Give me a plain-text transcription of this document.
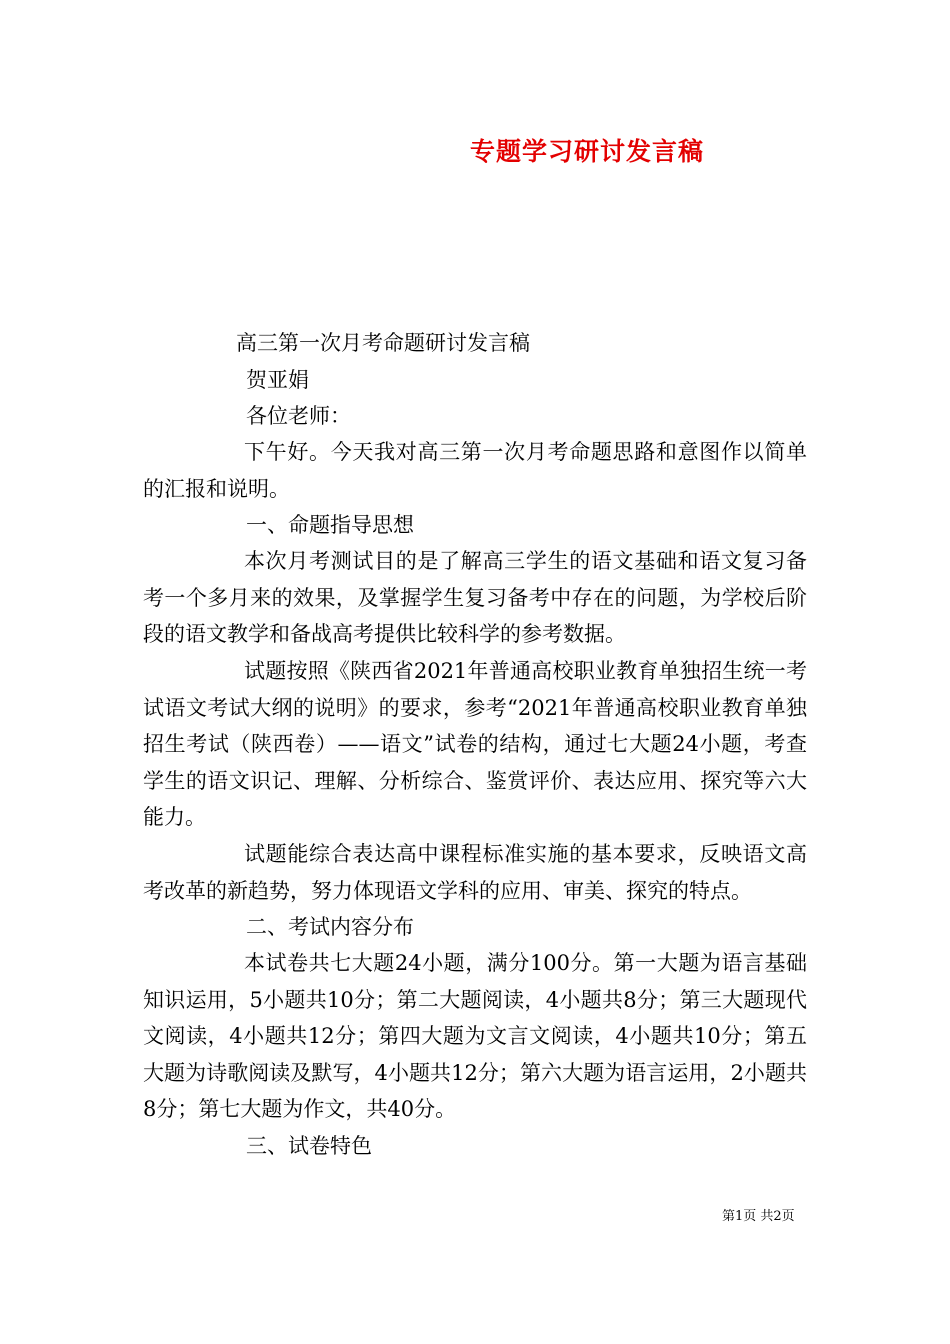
专题学习研讨发言稿
高三第一次月考命题研讨发言稿
贺亚娟
各位老师：
下午好。今天我对高三第一次月考命题思路和意图作以简单的汇报和说明。
一、命题指导思想
本次月考测试目的是了解高三学生的语文基础和语文复习备考一个多月来的效果，及掌握学生复习备考中存在的问题，为学校后阶段的语文教学和备战高考提供比较科学的参考数据。
试题按照《陕西省2021年普通高校职业教育单独招生统一考试语文考试大纲的说明》的要求，参考“2021年普通高校职业教育单独招生考试（陕西卷）——语文”试卷的结构，通过七大题24小题，考查学生的语文识记、理解、分析综合、鉴赏评价、表达应用、探究等六大能力。
试题能综合表达高中课程标准实施的基本要求，反映语文高考改革的新趋势，努力体现语文学科的应用、审美、探究的特点。
二、考试内容分布
本试卷共七大题24小题，满分100分。第一大题为语言基础知识运用，5小题共10分；第二大题阅读，4小题共8分；第三大题现代文阅读，4小题共12分；第四大题为文言文阅读，4小题共10分；第五大题为诗歌阅读及默写，4小题共12分；第六大题为语言运用，2小题共8分；第七大题为作文，共40分。
三、试卷特色
第1页 共2页
